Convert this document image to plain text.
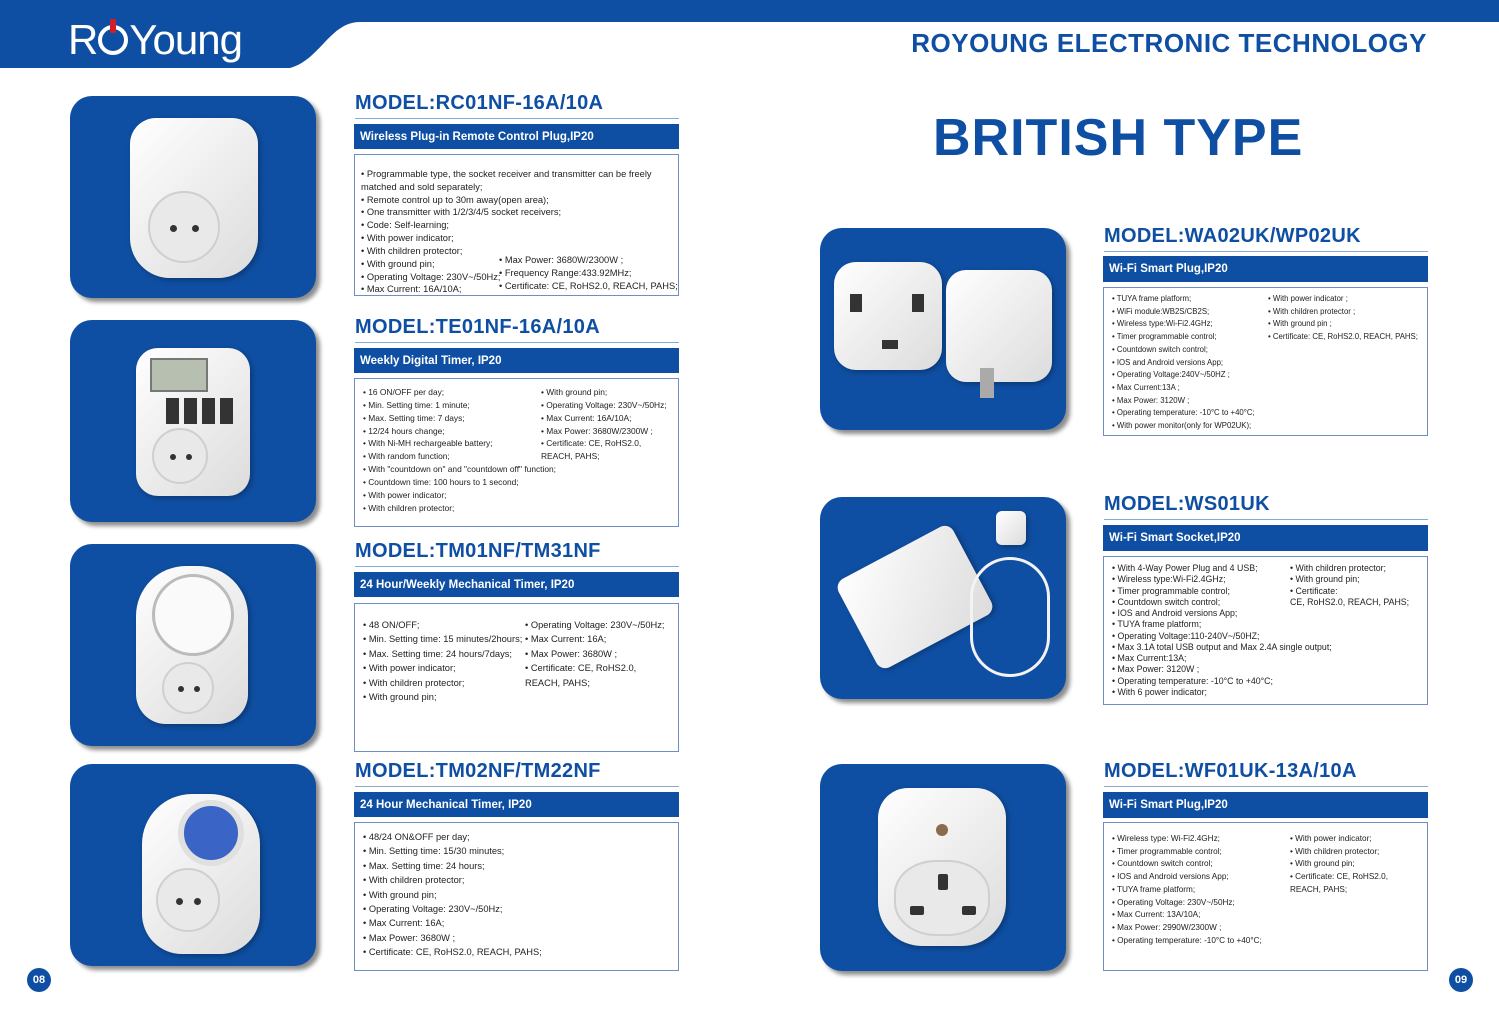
R Young	ROYOUNG ELECTRONIC TECHNOLOGY
BRITISH TYPE
MODEL:RC01NF-16A/10A
Wireless Plug-in Remote Control Plug,IP20
• Programmable type, the socket receiver and transmitter can be freely
matched and sold separately;
• Remote control up to 30m away(open area);
• One transmitter with 1/2/3/4/5 socket receivers;
• Code: Self-learning;
• With power indicator;
• With children protector;
• With ground pin;
• Operating Voltage: 230V~/50Hz;
• Max Current: 16A/10A;
• Max Power: 3680W/2300W ;
• Frequency Range:433.92MHz;
• Certificate: CE, RoHS2.0, REACH, PAHS;
MODEL:TE01NF-16A/10A
Weekly Digital Timer, IP20
• 16 ON/OFF per day;
• Min. Setting time: 1 minute;
• Max. Setting time: 7 days;
• 12/24 hours change;
• With Ni-MH rechargeable battery;
• With random function;
• With "countdown on" and "countdown off" function;
• Countdown time: 100 hours to 1 second;
• With power indicator;
• With children protector;
• With ground pin;
• Operating Voltage: 230V~/50Hz;
• Max Current: 16A/10A;
• Max Power: 3680W/2300W ;
• Certificate: CE, RoHS2.0,
REACH, PAHS;
MODEL:TM01NF/TM31NF
24 Hour/Weekly Mechanical Timer, IP20
• 48 ON/OFF;
• Min. Setting time: 15 minutes/2hours;
• Max. Setting time: 24 hours/7days;
• With power indicator;
• With children protector;
• With ground pin;
• Operating Voltage: 230V~/50Hz;
• Max Current: 16A;
• Max Power: 3680W ;
• Certificate: CE, RoHS2.0,
REACH, PAHS;
MODEL:TM02NF/TM22NF
24 Hour Mechanical Timer, IP20
• 48/24 ON&OFF per day;
• Min. Setting time: 15/30 minutes;
• Max. Setting time: 24 hours;
• With children protector;
• With ground pin;
• Operating Voltage: 230V~/50Hz;
• Max Current: 16A;
• Max Power: 3680W ;
• Certificate: CE, RoHS2.0, REACH, PAHS;
MODEL:WA02UK/WP02UK
Wi-Fi Smart Plug,IP20
• TUYA frame platform;
• WiFi module:WB2S/CB2S;
• Wireless type:Wi-Fi2.4GHz;
• Timer programmable control;
• Countdown switch control;
• IOS and Android versions App;
• Operating Voltage:240V~/50HZ ;
• Max Current:13A ;
• Max Power: 3120W ;
• Operating temperature: -10°C to +40°C;
• With power monitor(only for WP02UK);
• With power indicator ;
• With children protector ;
• With ground pin ;
• Certificate: CE, RoHS2.0, REACH, PAHS;
MODEL:WS01UK
Wi-Fi Smart Socket,IP20
• With 4-Way Power Plug and 4 USB;
• Wireless type:Wi-Fi2.4GHz;
• Timer programmable control;
• Countdown switch control;
• IOS and Android versions App;
• TUYA frame platform;
• Operating Voltage:110-240V~/50HZ;
• Max 3.1A total USB output and Max 2.4A single output;
• Max Current:13A;
• Max Power: 3120W ;
• Operating temperature: -10°C to +40°C;
• With 6 power indicator;
• With children protector;
• With ground pin;
• Certificate:
CE, RoHS2.0, REACH, PAHS;
MODEL:WF01UK-13A/10A
Wi-Fi Smart Plug,IP20
• Wireless type: Wi-Fi2.4GHz;
• Timer programmable control;
• Countdown switch control;
• IOS and Android versions App;
• TUYA frame platform;
• Operating Voltage: 230V~/50Hz;
• Max Current: 13A/10A;
• Max Power: 2990W/2300W ;
• Operating temperature: -10°C to +40°C;
• With power indicator;
• With children protector;
• With ground pin;
• Certificate: CE, RoHS2.0,
REACH, PAHS;
08	09
